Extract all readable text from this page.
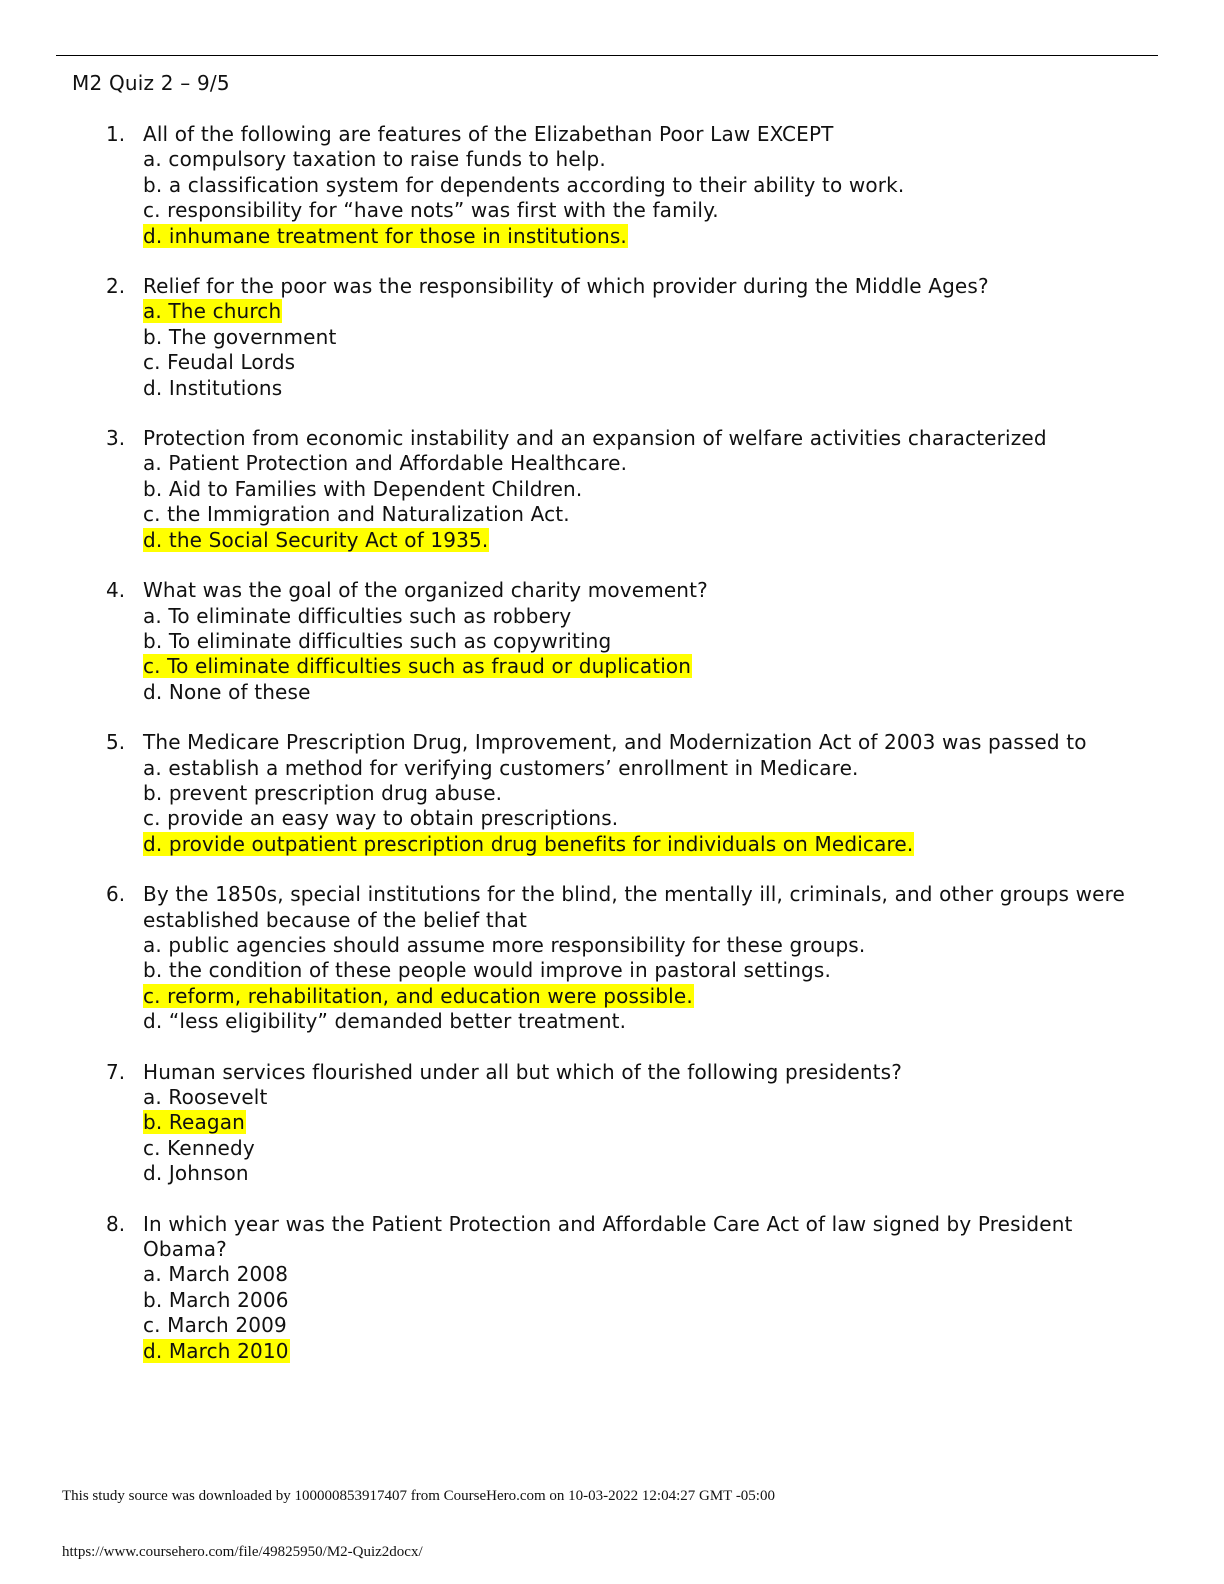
M2 Quiz 2 – 9/5
1. All of the following are features of the Elizabethan Poor Law EXCEPT
a. compulsory taxation to raise funds to help.
b. a classification system for dependents according to their ability to work.
c. responsibility for “have nots” was first with the family.
d. inhumane treatment for those in institutions.
2. Relief for the poor was the responsibility of which provider during the Middle Ages?
a. The church
b. The government
c. Feudal Lords
d. Institutions
3. Protection from economic instability and an expansion of welfare activities characterized
a. Patient Protection and Affordable Healthcare.
b. Aid to Families with Dependent Children.
c. the Immigration and Naturalization Act.
d. the Social Security Act of 1935.
4. What was the goal of the organized charity movement?
a. To eliminate difficulties such as robbery
b. To eliminate difficulties such as copywriting
c. To eliminate difficulties such as fraud or duplication
d. None of these
5. The Medicare Prescription Drug, Improvement, and Modernization Act of 2003 was passed to
a. establish a method for verifying customers’ enrollment in Medicare.
b. prevent prescription drug abuse.
c. provide an easy way to obtain prescriptions.
d. provide outpatient prescription drug benefits for individuals on Medicare.
6. By the 1850s, special institutions for the blind, the mentally ill, criminals, and other groups were established because of the belief that
a. public agencies should assume more responsibility for these groups.
b. the condition of these people would improve in pastoral settings.
c. reform, rehabilitation, and education were possible.
d. “less eligibility” demanded better treatment.
7. Human services flourished under all but which of the following presidents?
a. Roosevelt
b. Reagan
c. Kennedy
d. Johnson
8. In which year was the Patient Protection and Affordable Care Act of law signed by President Obama?
a. March 2008
b. March 2006
c. March 2009
d. March 2010
This study source was downloaded by 100000853917407 from CourseHero.com on 10-03-2022 12:04:27 GMT -05:00
https://www.coursehero.com/file/49825950/M2-Quiz2docx/
